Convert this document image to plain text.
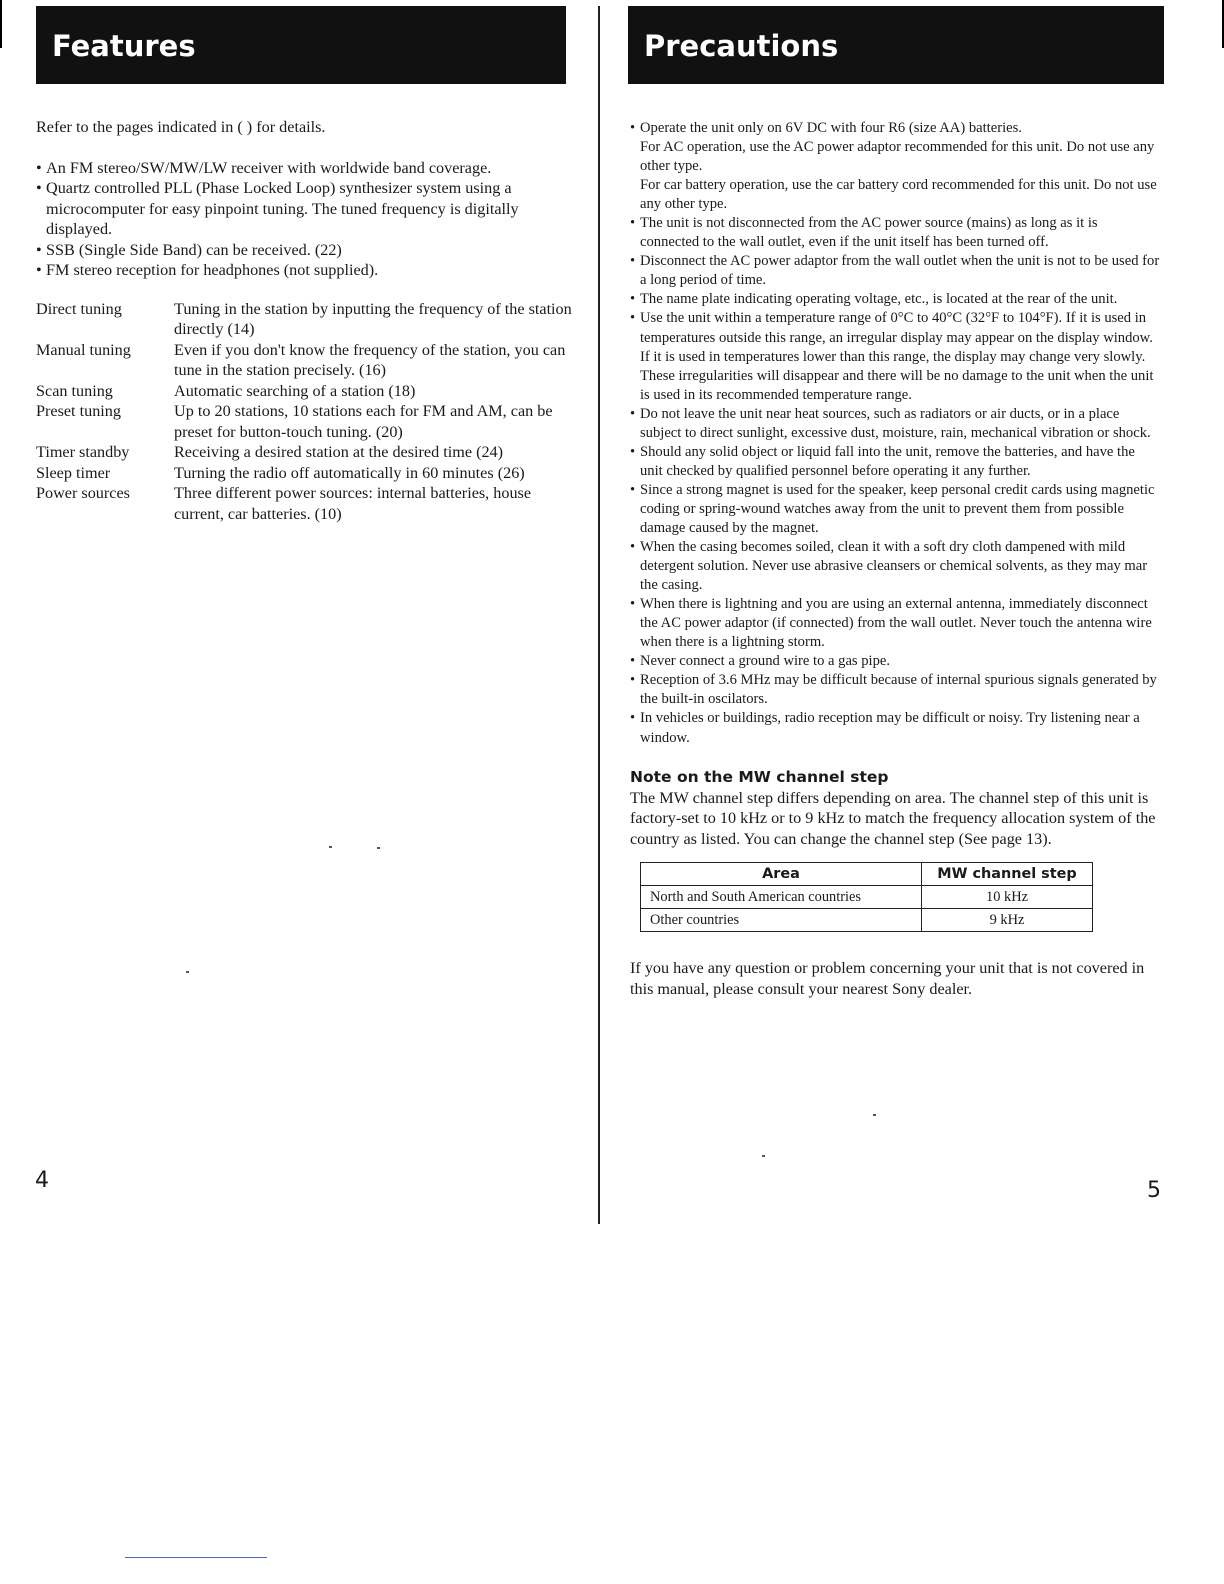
Features

Refer to the pages indicated in ( ) for details.

• An FM stereo/SW/MW/LW receiver with worldwide band coverage.
• Quartz controlled PLL (Phase Locked Loop) synthesizer system using a microcomputer for easy pinpoint tuning. The tuned frequency is digitally displayed.
• SSB (Single Side Band) can be received. (22)
• FM stereo reception for headphones (not supplied).
Direct tuning	Tuning in the station by inputting the frequency of the station directly (14)
Manual tuning	Even if you don't know the frequency of the station, you can tune in the station precisely. (16)
Scan tuning	Automatic searching of a station (18)
Preset tuning	Up to 20 stations, 10 stations each for FM and AM, can be preset for button-touch tuning. (20)
Timer standby	Receiving a desired station at the desired time (24)
Sleep timer	Turning the radio off automatically in 60 minutes (26)
Power sources	Three different power sources: internal batteries, house current, car batteries. (10)
4
Precautions
• Operate the unit only on 6V DC with four R6 (size AA) batteries.
For AC operation, use the AC power adaptor recommended for this unit. Do not use any other type.
For car battery operation, use the car battery cord recommended for this unit. Do not use any other type.
• The unit is not disconnected from the AC power source (mains) as long as it is connected to the wall outlet, even if the unit itself has been turned off.
• Disconnect the AC power adaptor from the wall outlet when the unit is not to be used for a long period of time.
• The name plate indicating operating voltage, etc., is located at the rear of the unit.
• Use the unit within a temperature range of 0°C to 40°C (32°F to 104°F). If it is used in temperatures outside this range, an irregular display may appear on the display window. If it is used in temperatures lower than this range, the display may change very slowly. These irregularities will disappear and there will be no damage to the unit when the unit is used in its recommended temperature range.
• Do not leave the unit near heat sources, such as radiators or air ducts, or in a place subject to direct sunlight, excessive dust, moisture, rain, mechanical vibration or shock.
• Should any solid object or liquid fall into the unit, remove the batteries, and have the unit checked by qualified personnel before operating it any further.
• Since a strong magnet is used for the speaker, keep personal credit cards using magnetic coding or spring-wound watches away from the unit to prevent them from possible damage caused by the magnet.
• When the casing becomes soiled, clean it with a soft dry cloth dampened with mild detergent solution. Never use abrasive cleansers or chemical solvents, as they may mar the casing.
• When there is lightning and you are using an external antenna, immediately disconnect the AC power adaptor (if connected) from the wall outlet. Never touch the antenna wire when there is a lightning storm.
• Never connect a ground wire to a gas pipe.
• Reception of 3.6 MHz may be difficult because of internal spurious signals generated by the built-in oscilators.
• In vehicles or buildings, radio reception may be difficult or noisy. Try listening near a window.
Note on the MW channel step
The MW channel step differs depending on area. The channel step of this unit is factory-set to 10 kHz or to 9 kHz to match the frequency allocation system of the country as listed. You can change the channel step (See page 13).
Area	MW channel step
North and South American countries	10 kHz
Other countries	9 kHz

If you have any question or problem concerning your unit that is not covered in this manual, please consult your nearest Sony dealer.

5
